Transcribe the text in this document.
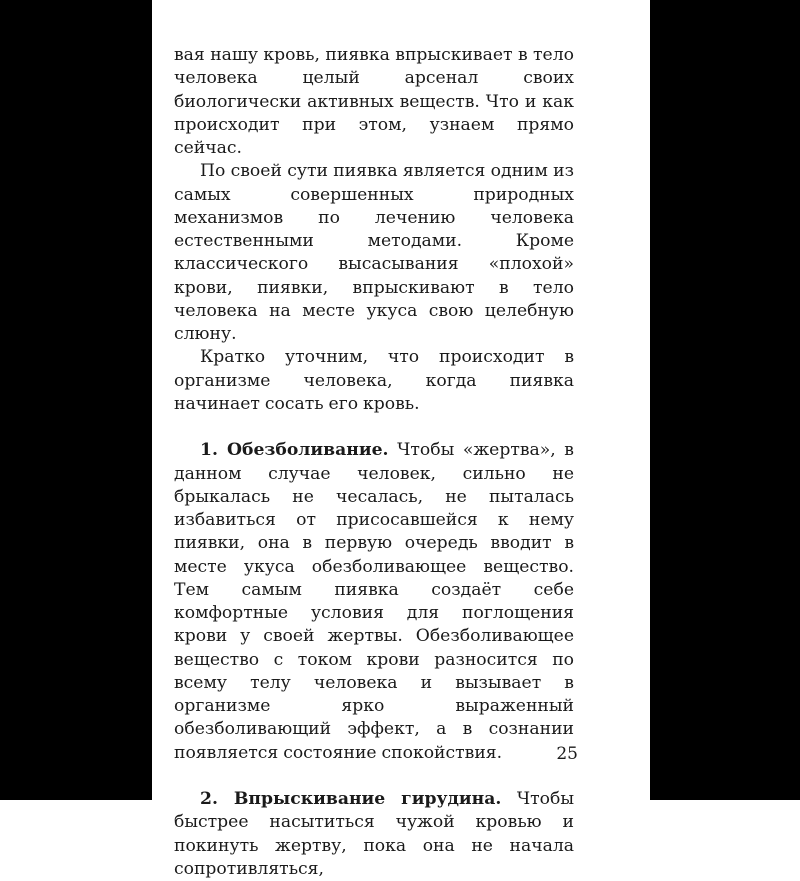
вая нашу кровь, пиявка впрыскивает в тело человека целый арсенал своих биологически активных веществ. Что и как происходит при этом, узнаем прямо сейчас.

По своей сути пиявка является одним из самых совершенных природных механизмов по лечению человека естественными методами. Кроме классического высасывания «плохой» крови, пиявки, впрыскивают в тело человека на месте укуса свою целебную слюну.

Кратко уточним, что происходит в организме человека, когда пиявка начинает сосать его кровь.

1. Обезболивание. Чтобы «жертва», в данном случае человек, сильно не брыкалась не чесалась, не пыталась избавиться от присосавшейся к нему пиявки, она в первую очередь вводит в месте укуса обезболивающее вещество. Тем самым пиявка создаёт себе комфортные условия для поглощения крови у своей жертвы. Обезболивающее вещество с током крови разносится по всему телу человека и вызывает в организме ярко выраженный обезболивающий эффект, а в сознании появляется состояние спокойствия.

2. Впрыскивание гирудина. Чтобы быстрее насытиться чужой кровью и покинуть жертву, пока она не начала сопротивляться,

25
